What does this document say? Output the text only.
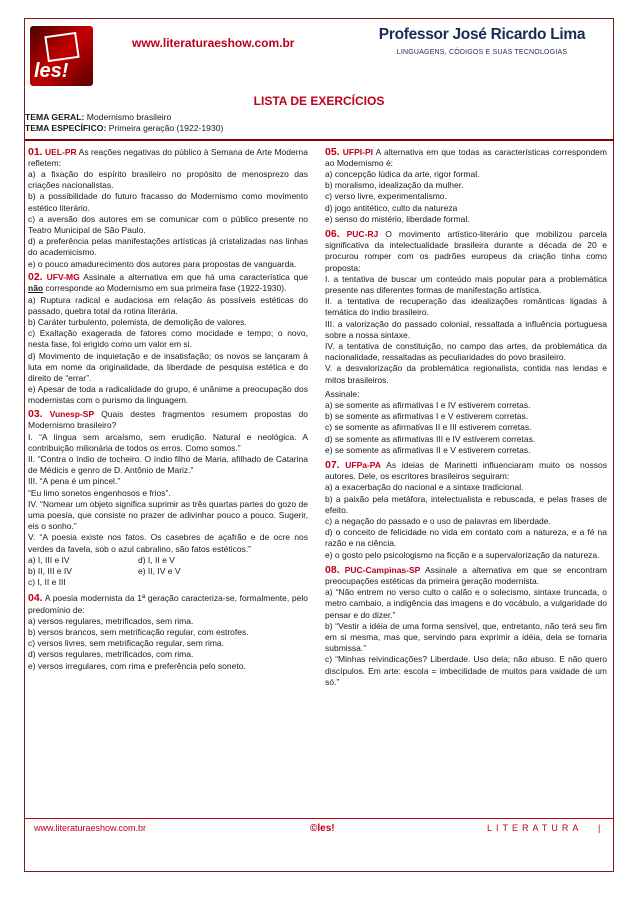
les!
www.literaturaeshow.com.br	Professor José Ricardo Lima
LINGUAGENS, CÓDIGOS E SUAS TECNOLOGIAS
LISTA DE EXERCÍCIOS
TEMA GERAL: Modernismo brasileiro
TEMA ESPECÍFICO: Primeira geração (1922-1930)

01. UEL-PR As reações negativas do público à Semana de Arte Moderna refletem:

a) a fixação do espírito brasileiro no propósito de menosprezo das criações nacionalistas.

b) a possibilidade do futuro fracasso do Modernismo como movimento estético literário.

c) a aversão dos autores em se comunicar com o público presente no Teatro Municipal de São Paulo.

d) a preferência pelas manifestações artísticas já cristalizadas nas linhas do academicismo.

e) o pouco amadurecimento dos autores para propostas de vanguarda.

02. UFV-MG Assinale a alternativa em que há uma característica que não corresponde ao Modernismo em sua primeira fase (1922-1930).

a) Ruptura radical e audaciosa em relação às possíveis estéticas do passado, quebra total da rotina literária.

b) Caráter turbulento, polemista, de demolição de valores.

c) Exaltação exagerada de fatores como mocidade e tempo; o novo, nesta fase, foi erigido como um valor em si.

d) Movimento de inquietação e de insatisfação; os novos se lançaram à luta em nome da originalidade, da liberdade de pesquisa estética e do direito de “errar”.

e) Apesar de toda a radicalidade do grupo, é unânime a preocupação dos modernistas com o purismo da linguagem.

03. Vunesp-SP Quais destes fragmentos resumem propostas do Modernismo brasileiro?

I. “A língua sem arcaísmo, sem erudição. Natural e neológica. A contribuição milionária de todos os erros. Como somos.”

II. “Contra o índio de tocheiro. O índio filho de Maria, afilhado de Catarina de Médicis e genro de D. Antônio de Mariz.”

III. “A pena é um pincel.”

“Eu limo sonetos engenhosos e frios”.

IV. “Nomear um objeto significa suprimir as três quartas partes do gozo de uma poesia, que consiste no prazer de adivinhar pouco a pouco. Sugerir, eis o sonho.”

V. “A poesia existe nos fatos. Os casebres de açafrão e de ocre nos verdes da favela, sob o azul cabralino, são fatos estéticos.”

a) I, III e IV	d) I, II e V

b) II, III e IV	e) II, IV e V

c) I, II e III

04. A poesia modernista da 1ª geração caracteriza-se, formalmente, pelo predomínio de:

a) versos regulares, metrificados, sem rima.

b) versos brancos, sem metrificação regular, com estrofes.

c) versos livres, sem metrificação regular, sem rima.

d) versos regulares, metrificados, com rima.

e) versos irregulares, com rima e preferência pelo soneto.

05. UFPI-PI A alternativa em que todas as características correspondem ao Modernismo é:

a) concepção lúdica da arte, rigor formal.

b) moralismo, idealização da mulher.

c) verso livre, experimentalismo.

d) jogo antitético, culto da natureza

e) senso do mistério, liberdade formal.

06. PUC-RJ O movimento artístico-literário que mobilizou parcela significativa da intelectualidade brasileira durante a década de 20 e procurou romper com os padrões europeus da criação tinha como proposta:

I. a tentativa de buscar um conteúdo mais popular para a problemática presente nas diferentes formas de manifestação artística.

II. a tentativa de recuperação das idealizações românticas ligadas à temática do índio brasileiro.

III. a valorização do passado colonial, ressaltada a influência portuguesa sobre a nossa sintaxe.

IV. a tentativa de constituição, no campo das artes, da problemática da nacionalidade, ressaltadas as peculiaridades do povo brasileiro.

V. a desvalorização da problemática regionalista, contida nas lendas e mitos brasileiros.

Assinale:

a) se somente as afirmativas I e IV estiverem corretas.

b) se somente as afirmativas I e V estiverem corretas.

c) se somente as afirmativas II e III estiverem corretas.

d) se somente as afirmativas III e IV estiverem corretas.

e) se somente as afirmativas II e V estiverem corretas.

07. UFPa-PA As ideias de Marinetti influenciaram muito os nossos autores. Dele, os escritores brasileiros seguiram:

a) a exacerbação do nacional e a sintaxe tradicional.

b) a paixão pela metáfora, intelectualista e rebuscada, e pelas frases de efeito.

c) a negação do passado e o uso de palavras em liberdade.

d) o conceito de felicidade no vida em contato com a natureza, e a fé na razão e na ciência.

e) o gosto pelo psicologismo na ficção e a supervalorização da natureza.

08. PUC-Campinas-SP Assinale a alternativa em que se encontram preocupações estéticas da primeira geração modernista.

a) “Não entrem no verso culto o calão e o solecismo, sintaxe truncada, o metro cambaio, a indigência das imagens e do vocábulo, a vulgaridade do pensar e do dizer.”

b) “Vestir a idéia de uma forma sensível, que, entretanto, não terá seu fim em si mesma, mas que, servindo para exprimir a idéia, dela se tornaria submissa.”

c) “Minhas reivindicações? Liberdade. Uso dela; não abuso. E não quero discípulos. Em arte: escola = imbecilidade de muitos para vaidade de um só.”

www.literaturaeshow.com.br	©les!	LITERATURA |
